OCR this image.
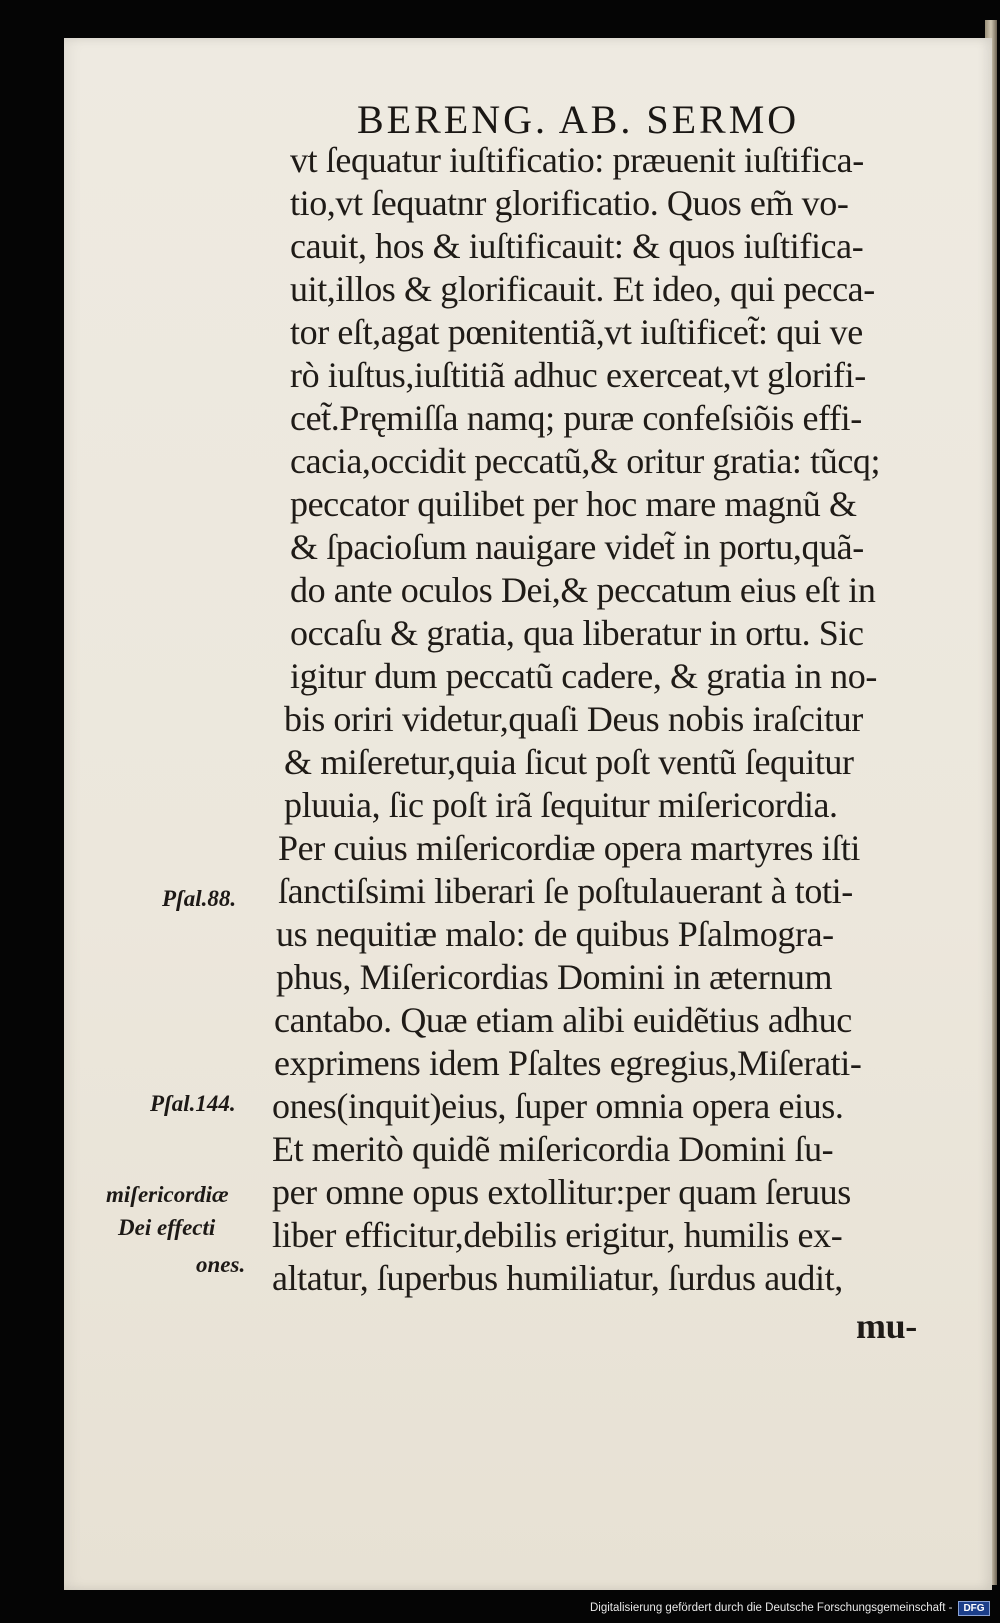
BERENG. AB. SERMO
vt ſequatur iuſtificatio: præuenit iuſtifica-
tio,vt ſequatnr glorificatio. Quos em̃ vo-
cauit, hos & iuſtificauit: & quos iuſtifica-
uit,illos & glorificauit. Et ideo, qui pecca-
tor eſt,agat pœnitentiã,vt iuſtificet̃: qui ve
rò iuſtus,iuſtitiã adhuc exerceat,vt glorifi-
cet̃.Pręmiſſa namq; puræ confeſsiõis effi-
cacia,occidit peccatũ,& oritur gratia: tũcq;
peccator quilibet per hoc mare magnũ &
& ſpacioſum nauigare videt̃ in portu,quã-
do ante oculos Dei,& peccatum eius eſt in
occaſu & gratia, qua liberatur in ortu. Sic
igitur dum peccatũ cadere, & gratia in no-
bis oriri videtur,quaſi Deus nobis iraſcitur
& miſeretur,quia ſicut poſt ventũ ſequitur
pluuia, ſic poſt irã ſequitur miſericordia.
Per cuius miſericordiæ opera martyres iſti
ſanctiſsimi liberari ſe poſtulauerant à toti-
us nequitiæ malo: de quibus Pſalmogra-
phus, Miſericordias Domini in æternum
cantabo. Quæ etiam alibi euidẽtius adhuc
exprimens idem Pſaltes egregius,Miſerati-
ones(inquit)eius, ſuper omnia opera eius.
Et meritò quidẽ miſericordia Domini ſu-
per omne opus extollitur:per quam ſeruus
liber efficitur,debilis erigitur, humilis ex-
altatur, ſuperbus humiliatur, ſurdus audit,
mu-
Pſal.88.
Pſal.144.
miſericordiæ
Dei effecti
ones.
Digitalisierung gefördert durch die Deutsche Forschungsgemeinschaft -	DFG
